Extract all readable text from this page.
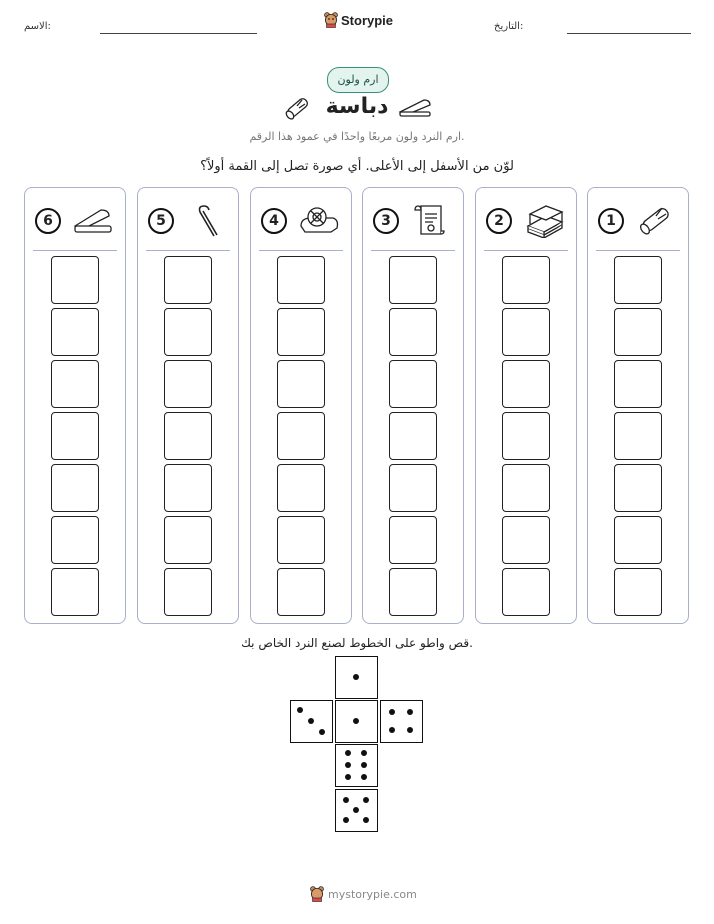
الاسم:	Storypie	التاريخ:
ارم ولون
دباسة
ارم النرد ولون مربعًا واحدًا في عمود هذا الرقم.
لوّن من الأسفل إلى الأعلى. أي صورة تصل إلى القمة أولاً؟
1
2
3
4
5
6
قص واطو على الخطوط لصنع النرد الخاص بك.
mystorypie.com
